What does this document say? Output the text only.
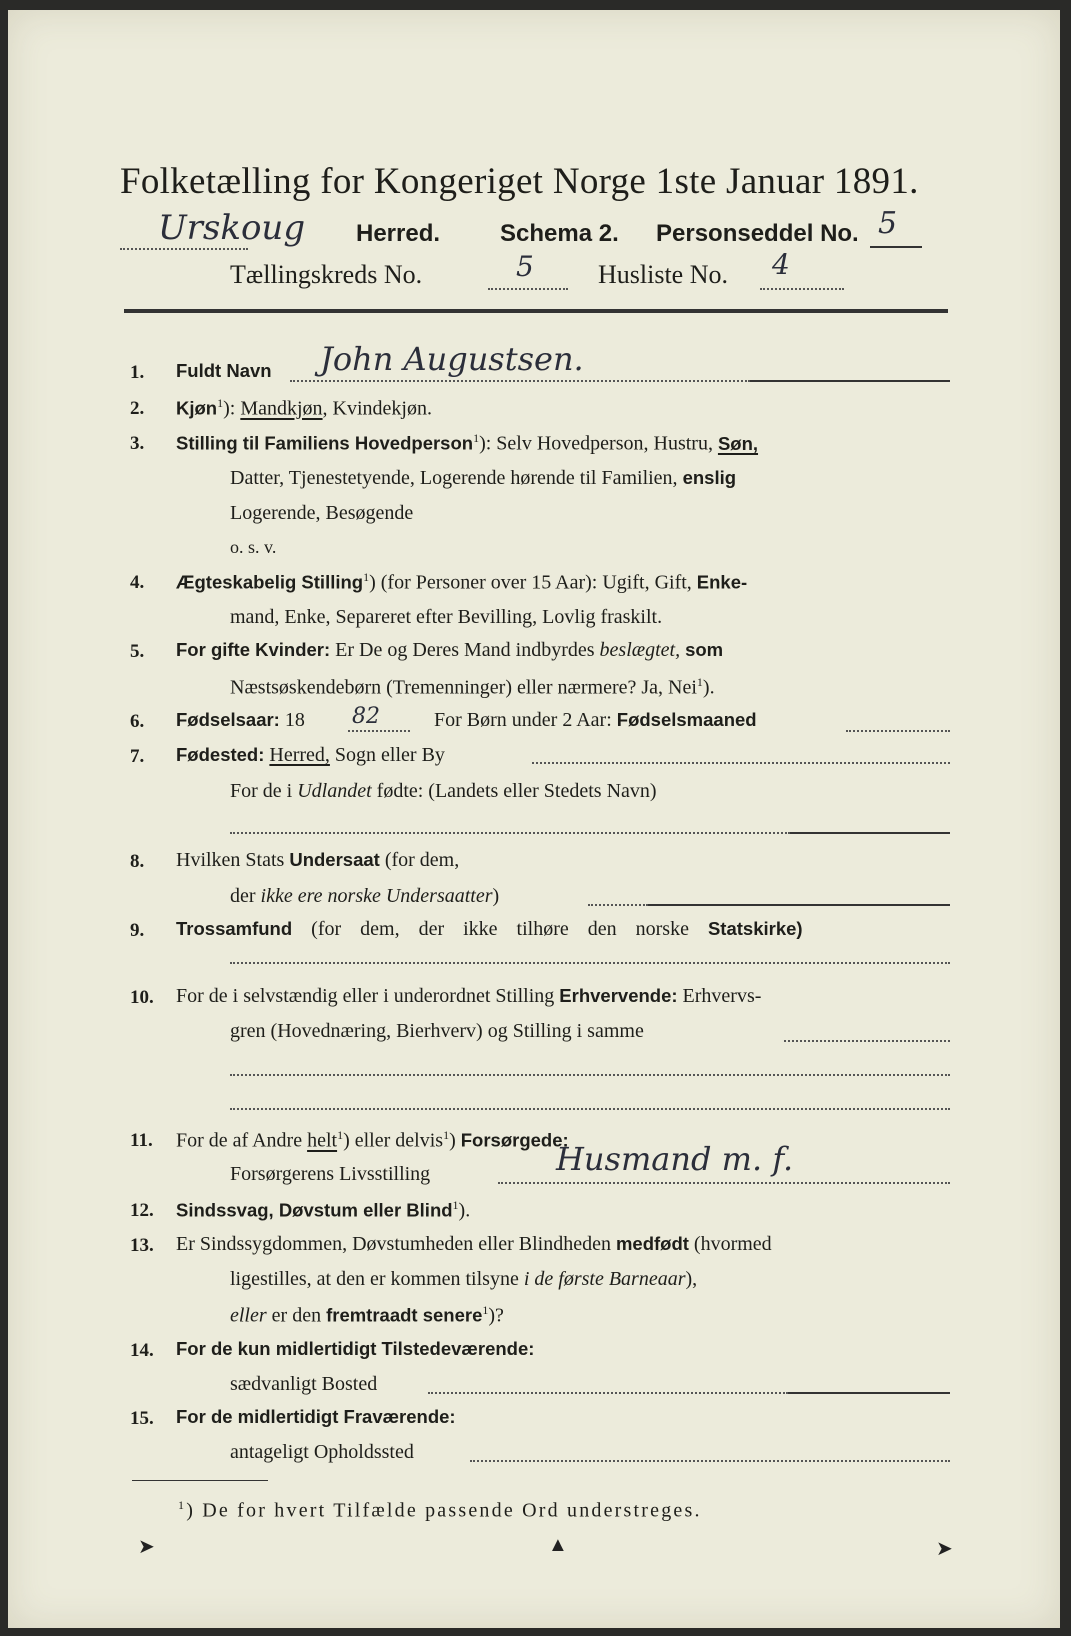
Folketælling for Kongeriget Norge 1ste Januar 1891.
Urskoug Herred. Schema 2. Personseddel No. 5
Tællingskreds No.	5 Husliste No. 4
1.	Fuldt Navn John Augustsen.
2.	Kjøn$^1$): Mandkjøn, Kvindekjøn.
3.	Stilling til Familiens Hovedperson$^1$): Selv Hovedperson, Hustru, Søn,
Datter, Tjenestetyende, Logerende hørende til Familien, enslig
Logerende, Besøgende
o. s. v.
4.	Ægteskabelig Stilling$^1$) (for Personer over 15 Aar): Ugift, Gift, Enke-
mand, Enke, Separeret efter Bevilling, Lovlig fraskilt.
5.	For gifte Kvinder: Er De og Deres Mand indbyrdes beslægtet, som
Næstsøskendebørn (Tremenninger) eller nærmere? Ja, Nei$^1$).
6.	Fødselsaar: 18 82	For Børn under 2 Aar: Fødselsmaaned
7.	Fødested: Herred, Sogn eller By
For de i Udlandet fødte: (Landets eller Stedets Navn)
8.	Hvilken Stats Undersaat (for dem,
der ikke ere norske Undersaatter)
9.	Trossamfund (for dem, der ikke tilhøre den norske Statskirke)
10.	For de i selvstændig eller i underordnet Stilling Erhvervende: Erhvervs-
gren (Hovednæring, Bierhverv) og Stilling i samme
11.	For de af Andre helt$^1$) eller delvis$^1$) Forsørgede:
Forsørgerens Livsstilling	Husmand m. f.
12.	Sindssvag, Døvstum eller Blind$^1$).
13.	Er Sindssygdommen, Døvstumheden eller Blindheden medfødt (hvormed
ligestilles, at den er kommen tilsyne i de første Barneaar),
eller er den fremtraadt senere$^1$)?
14.	For de kun midlertidigt Tilstedeværende:
sædvanligt Bosted
15.	For de midlertidigt Fraværende:
antageligt Opholdssted
$^1$) De for hvert Tilfælde passende Ord understreges.
➤	▲	➤
